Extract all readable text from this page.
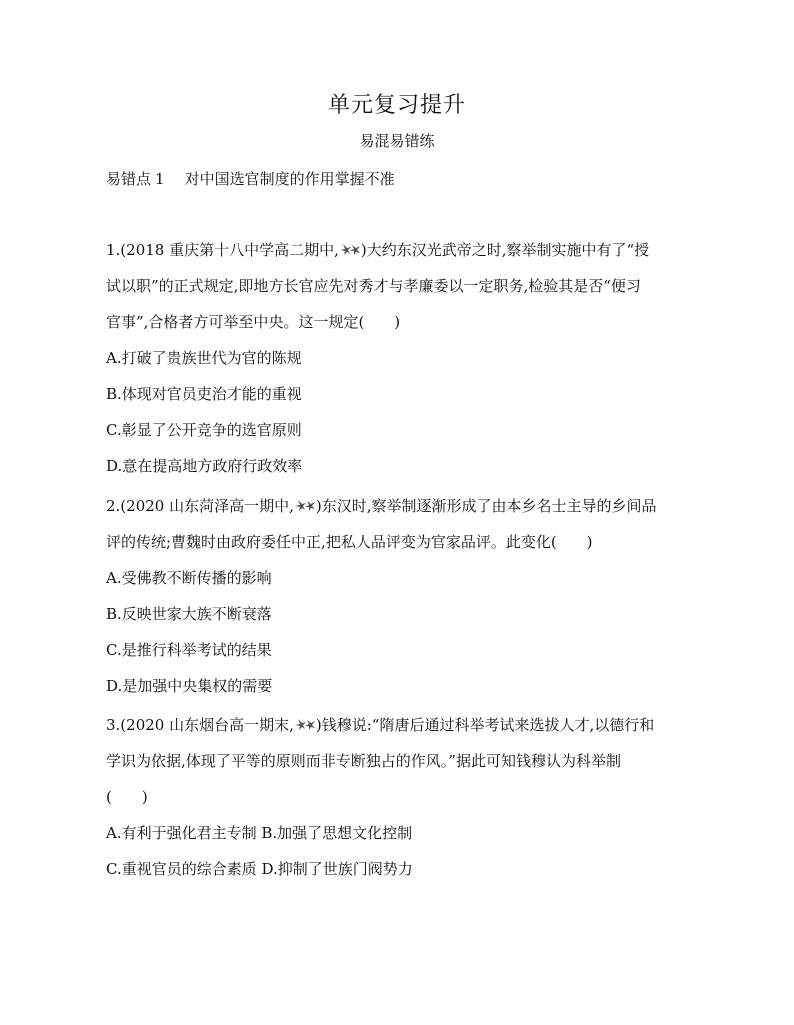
单元复习提升
易混易错练
易错点 1 对中国选官制度的作用掌握不准

1.(2018 重庆第十八中学高二期中, )大约东汉光武帝之时,察举制实施中有了“授

试以职”的正式规定,即地方长官应先对秀才与孝廉委以一定职务,检验其是否“便习

官事”,合格者方可举至中央。这一规定(　　)

A.打破了贵族世代为官的陈规

B.体现对官员吏治才能的重视

C.彰显了公开竞争的选官原则

D.意在提高地方政府行政效率

2.(2020 山东菏泽高一期中, )东汉时,察举制逐渐形成了由本乡名士主导的乡间品

评的传统;曹魏时由政府委任中正,把私人品评变为官家品评。此变化(　　)

A.受佛教不断传播的影响

B.反映世家大族不断衰落

C.是推行科举考试的结果

D.是加强中央集权的需要

3.(2020 山东烟台高一期末, )钱穆说:“隋唐后通过科举考试来选拔人才,以德行和

学识为依据,体现了平等的原则而非专断独占的作风。”据此可知钱穆认为科举制

(　　)

A.有利于强化君主专制 B.加强了思想文化控制

C.重视官员的综合素质 D.抑制了世族门阀势力
